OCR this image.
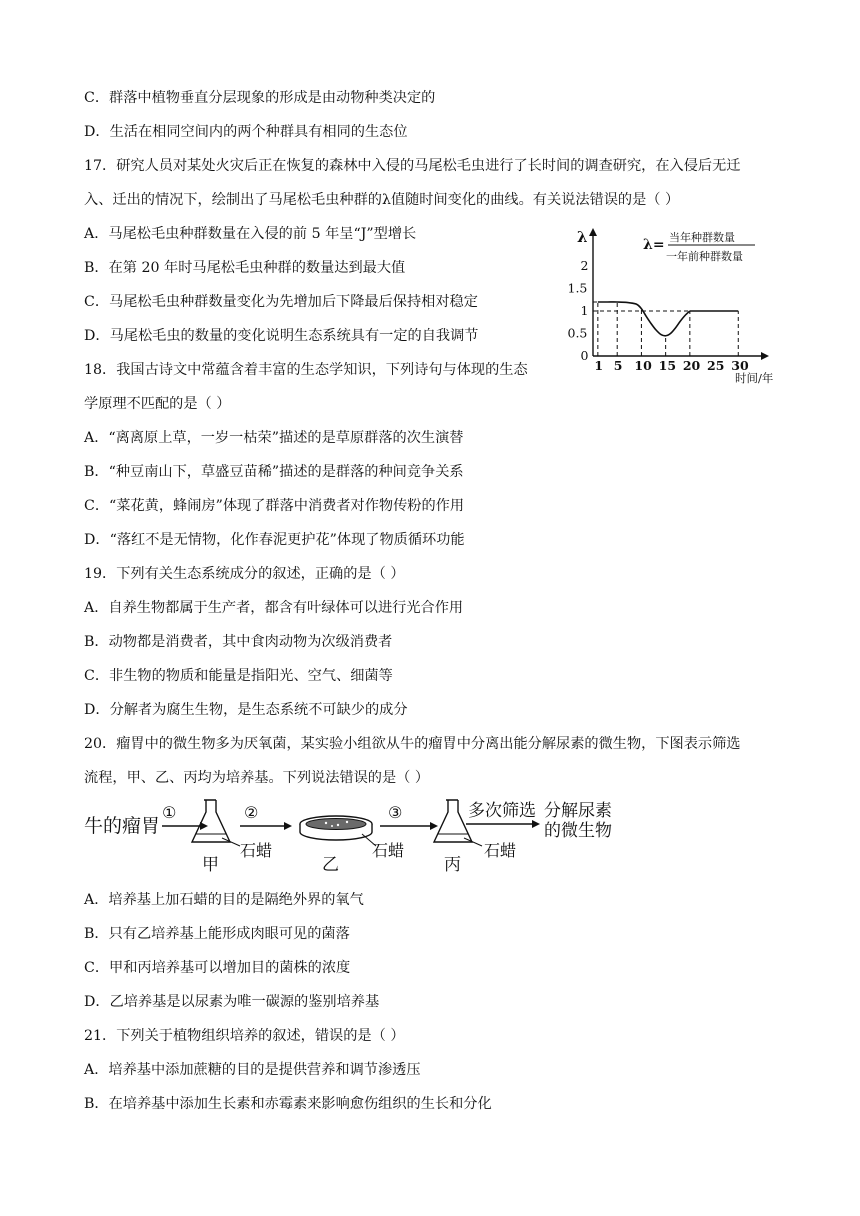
C．群落中植物垂直分层现象的形成是由动物种类决定的
D．生活在相同空间内的两个种群具有相同的生态位
17．研究人员对某处火灾后正在恢复的森林中入侵的马尾松毛虫进行了长时间的调查研究，在入侵后无迁
入、迁出的情况下，绘制出了马尾松毛虫种群的λ值随时间变化的曲线。有关说法错误的是（ ）
A．马尾松毛虫种群数量在入侵的前 5 年呈“J”型增长
B．在第 20 年时马尾松毛虫种群的数量达到最大值
C．马尾松毛虫种群数量变化为先增加后下降最后保持相对稳定
D．马尾松毛虫的数量的变化说明生态系统具有一定的自我调节
18．我国古诗文中常蕴含着丰富的生态学知识，下列诗句与体现的生态
学原理不匹配的是（ ）
A．“离离原上草，一岁一枯荣”描述的是草原群落的次生演替
B．“种豆南山下，草盛豆苗稀”描述的是群落的种间竞争关系
C．“菜花黄，蜂闹房”体现了群落中消费者对作物传粉的作用
D．“落红不是无情物，化作春泥更护花”体现了物质循环功能
19．下列有关生态系统成分的叙述，正确的是（ ）
A．自养生物都属于生产者，都含有叶绿体可以进行光合作用
B．动物都是消费者，其中食肉动物为次级消费者
C．非生物的物质和能量是指阳光、空气、细菌等
D．分解者为腐生生物，是生态系统不可缺少的成分
20．瘤胃中的微生物多为厌氧菌，某实验小组欲从牛的瘤胃中分离出能分解尿素的微生物，下图表示筛选
流程，甲、乙、丙均为培养基。下列说法错误的是（ ）
A．培养基上加石蜡的目的是隔绝外界的氧气
B．只有乙培养基上能形成肉眼可见的菌落
C．甲和丙培养基可以增加目的菌株的浓度
D．乙培养基是以尿素为唯一碳源的鉴别培养基
21．下列关于植物组织培养的叙述，错误的是（ ）
A．培养基中添加蔗糖的目的是提供营养和调节渗透压
B．在培养基中添加生长素和赤霉素来影响愈伤组织的生长和分化
1 5 10 15 20 25 30
0
0.5
1
1.5
2
λ
时间/年
λ= 当年种群数量
一年前种群数量
牛的瘤胃
①
石蜡
甲
②
石蜡
乙
③
石蜡
丙
多次筛选 分解尿素
的微生物
